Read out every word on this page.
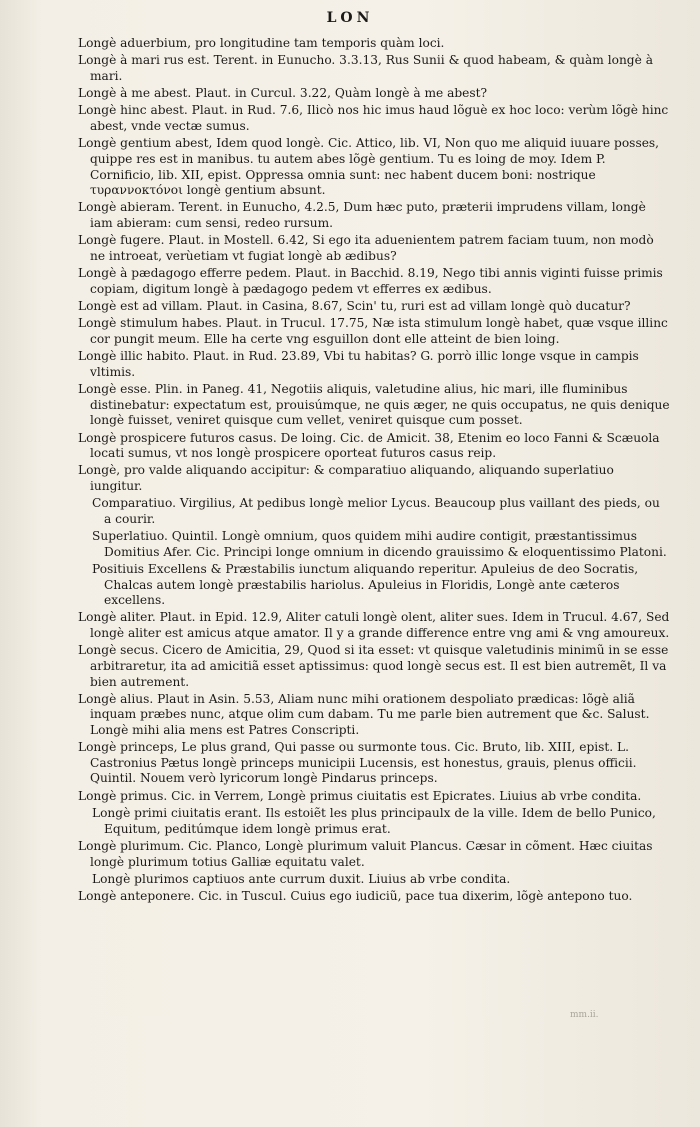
LON
Longè aduerbium, pro longitudine tam temporis quàm loci.
Longè à mari rus est. Terent. in Eunucho. 3.3.13, Rus Sunii & quod habeam, & quàm longè à mari.
Longè à me abest. Plaut. in Curcul. 3.22, Quàm longè à me abest?
Longè hinc abest. Plaut. in Rud. 7.6, Ilicò nos hic imus haud lõguè ex hoc loco: verùm lõgè hinc abest, vnde vectæ sumus.
Longè gentium abest, Idem quod longè. Cic. Attico, lib. VI, Non quo me aliquid iuuare posses, quippe res est in manibus. tu autem abes lõgè gentium. Tu es loing de moy. Idem P. Cornificio, lib. XII, epist. Oppressa omnia sunt: nec habent ducem boni: nostrique τυραννοκτόνοι longè gentium absunt.
Longè abieram. Terent. in Eunucho, 4.2.5, Dum hæc puto, præterii imprudens villam, longè iam abieram: cum sensi, redeo rursum.
Longè fugere. Plaut. in Mostell. 6.42, Si ego ita aduenientem patrem faciam tuum, non modò ne introeat, verùetiam vt fugiat longè ab ædibus?
Longè à pædagogo efferre pedem. Plaut. in Bacchid. 8.19, Nego tibi annis viginti fuisse primis copiam, digitum longè à pædagogo pedem vt efferres ex ædibus.
Longè est ad villam. Plaut. in Casina, 8.67, Scin' tu, ruri est ad villam longè quò ducatur?
Longè stimulum habes. Plaut. in Trucul. 17.75, Næ ista stimulum longè habet, quæ vsque illinc cor pungit meum. Elle ha certe vng esguillon dont elle atteint de bien loing.
Longè illic habito. Plaut. in Rud. 23.89, Vbi tu habitas? G. porrò illic longe vsque in campis vltimis.
Longè esse. Plin. in Paneg. 41, Negotiis aliquis, valetudine alius, hic mari, ille fluminibus distinebatur: expectatum est, prouisúmque, ne quis æger, ne quis occupatus, ne quis denique longè fuisset, veniret quisque cum vellet, veniret quisque cum posset.
Longè prospicere futuros casus. De loing. Cic. de Amicit. 38, Etenim eo loco Fanni & Scæuola locati sumus, vt nos longè prospicere oporteat futuros casus reip.
Longè, pro valde aliquando accipitur: & comparatiuo aliquando, aliquando superlatiuo iungitur.
Comparatiuo. Virgilius, At pedibus longè melior Lycus. Beaucoup plus vaillant des pieds, ou a courir.
Superlatiuo. Quintil. Longè omnium, quos quidem mihi audire contigit, præstantissimus Domitius Afer. Cic. Principi longe omnium in dicendo grauissimo & eloquentissimo Platoni.
Positiuis Excellens & Præstabilis iunctum aliquando reperitur. Apuleius de deo Socratis, Chalcas autem longè præstabilis hariolus. Apuleius in Floridis, Longè ante cæteros excellens.
Longè aliter. Plaut. in Epid. 12.9, Aliter catuli longè olent, aliter sues. Idem in Trucul. 4.67, Sed longè aliter est amicus atque amator. Il y a grande difference entre vng ami & vng amoureux.
Longè secus. Cicero de Amicitia, 29, Quod si ita esset: vt quisque valetudinis minimũ in se esse arbitraretur, ita ad amicitiã esset aptissimus: quod longè secus est. Il est bien autremẽt, Il va bien autrement.
Longè alius. Plaut in Asin. 5.53, Aliam nunc mihi orationem despoliato prædicas: lõgè aliã inquam præbes nunc, atque olim cum dabam. Tu me parle bien autrement que &c. Salust. Longè mihi alia mens est Patres Conscripti.
Longè princeps, Le plus grand, Qui passe ou surmonte tous. Cic. Bruto, lib. XIII, epist. L. Castronius Pætus longè princeps municipii Lucensis, est honestus, grauis, plenus officii. Quintil. Nouem verò lyricorum longè Pindarus princeps.
Longè primus. Cic. in Verrem, Longè primus ciuitatis est Epicrates. Liuius ab vrbe condita.
Longè primi ciuitatis erant. Ils estoiẽt les plus principaulx de la ville. Idem de bello Punico, Equitum, peditúmque idem longè primus erat.
Longè plurimum. Cic. Planco, Longè plurimum valuit Plancus. Cæsar in cõment. Hæc ciuitas longè plurimum totius Galliæ equitatu valet.
Longè plurimos captiuos ante currum duxit. Liuius ab vrbe condita.
Longè anteponere. Cic. in Tuscul. Cuius ego iudiciũ, pace tua dixerim, lõgè antepono tuo.
mm.ii.
